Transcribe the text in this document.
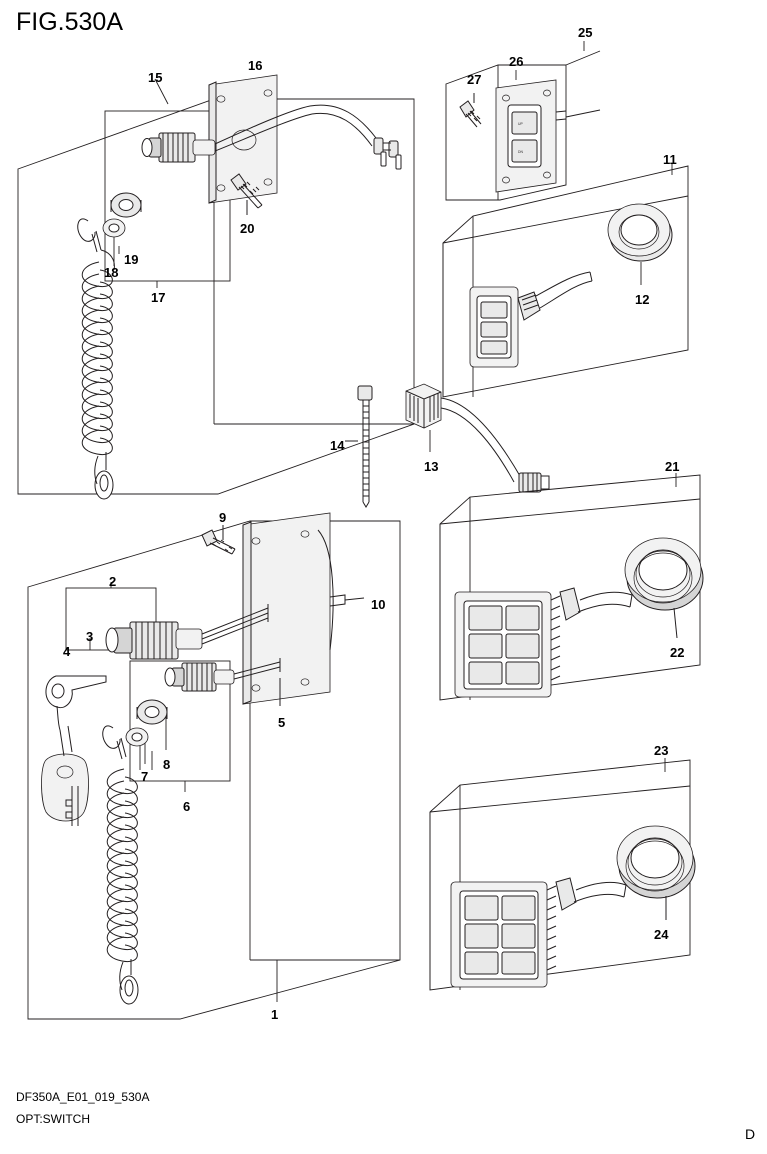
FIG.530A
UP
DN
1
2
3
4
5
6
7
8
9
10
11
12
13
14
15
16
17
18
19
20
21
22
23
24
25
26
27
DF350A_E01_019_530A
OPT:SWITCH
D
